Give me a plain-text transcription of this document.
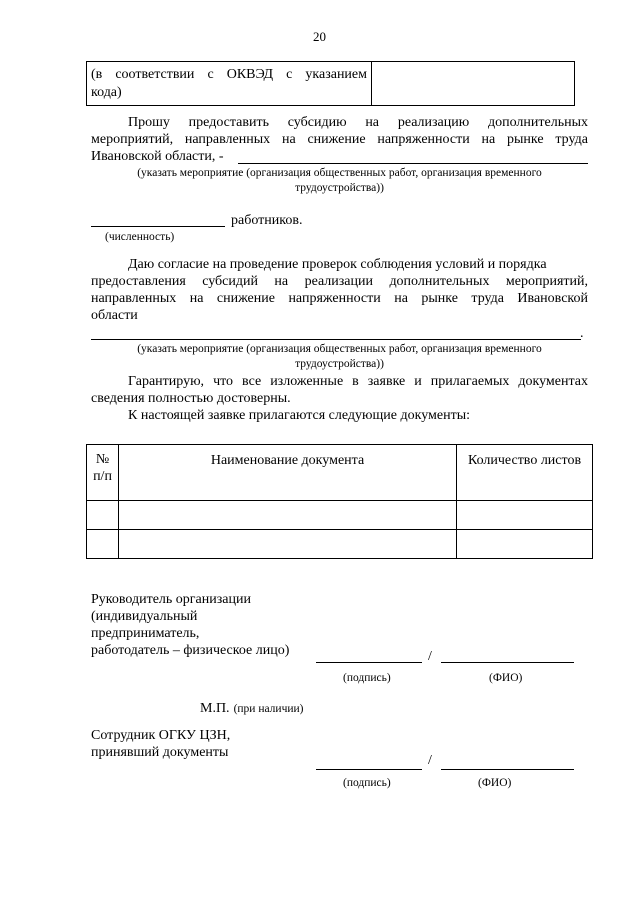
20
(в соответствии с ОКВЭД с указанием
кода)
Прошу предоставить субсидию на реализацию дополнительных
мероприятий, направленных на снижение напряженности на рынке труда
Ивановской области, -
(указать мероприятие (организация общественных работ, организация временного
трудоустройства))
работников.
(численность)
Даю согласие на проведение проверок соблюдения условий и порядка
предоставления субсидий на реализации дополнительных мероприятий,
направленных на снижение напряженности на рынке труда Ивановской
области
.
(указать мероприятие (организация общественных работ, организация временного
трудоустройства))
Гарантирую, что все изложенные в заявке и прилагаемых документах
сведения полностью достоверны.
К настоящей заявке прилагаются следующие документы:
№
п/п	Наименование документа	Количество листов

Руководитель организации
(индивидуальный
предприниматель,
работодатель – физическое лицо)	/
(подпись)	(ФИО)
М.П. (при наличии)
Сотрудник ОГКУ ЦЗН,
принявший документы
/
(подпись)	(ФИО)
